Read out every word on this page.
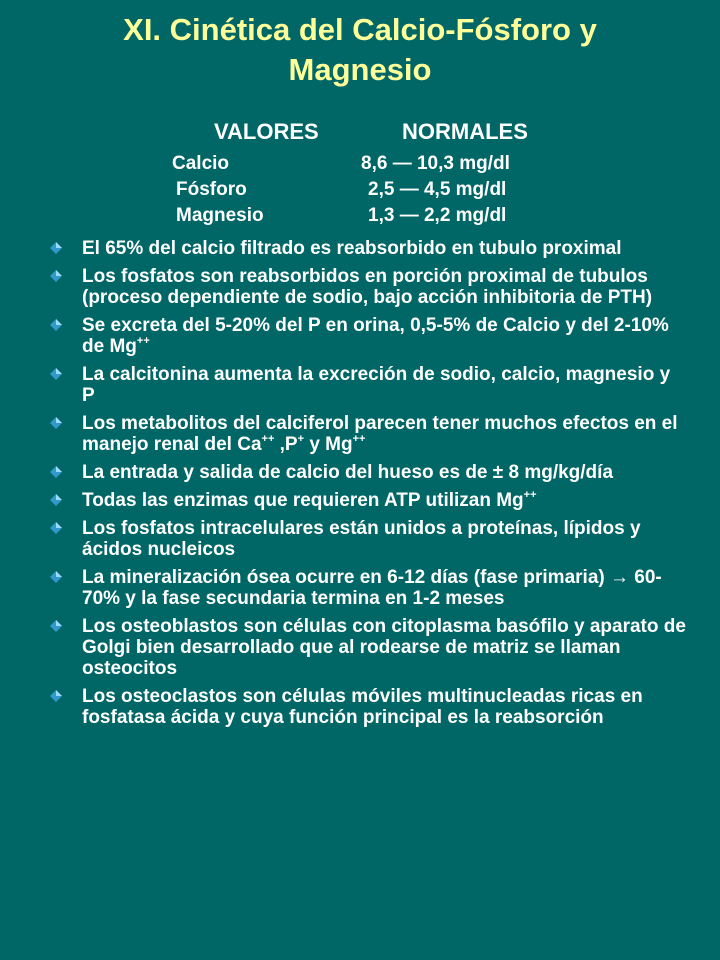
XI. Cinética del Calcio-Fósforo y
Magnesio
VALORES	NORMALES
Calcio	8,6 — 10,3 mg/dl
Fósforo	2,5 — 4,5 mg/dl
Magnesio	1,3 — 2,2 mg/dl
El 65% del calcio filtrado es reabsorbido en tubulo proximal
Los fosfatos son reabsorbidos en porción proximal de tubulos (proceso dependiente de sodio, bajo acción inhibitoria de PTH)
Se excreta del 5-20% del P en orina, 0,5-5% de Calcio y del 2-10% de Mg++
La calcitonina aumenta la excreción de sodio, calcio, magnesio y P
Los metabolitos del calciferol parecen tener muchos efectos en el manejo renal del Ca++ ,P+ y Mg++
La entrada y salida de calcio del hueso es de ± 8 mg/kg/día
Todas las enzimas que requieren ATP utilizan Mg++
Los fosfatos intracelulares están unidos a proteínas, lípidos y ácidos nucleicos
La mineralización ósea ocurre en 6-12 días (fase primaria) → 60-70% y la fase secundaria termina en 1-2 meses
Los osteoblastos son células con citoplasma basófilo y aparato de Golgi bien desarrollado que al rodearse de matriz se llaman osteocitos
Los osteoclastos son células móviles multinucleadas ricas en fosfatasa ácida y cuya función principal es la reabsorción
